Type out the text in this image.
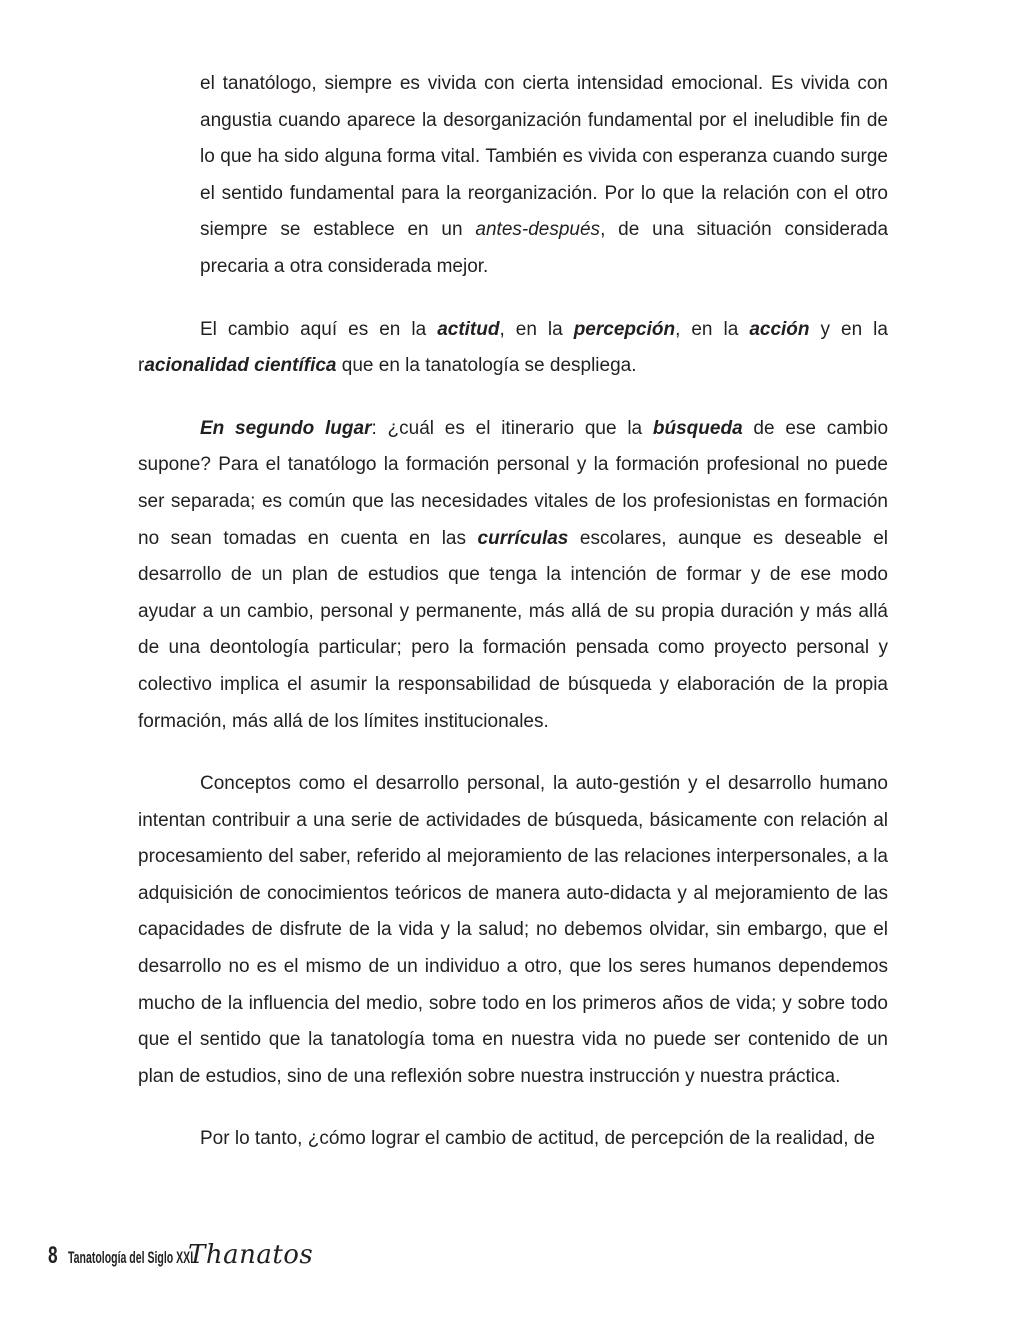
el tanatólogo, siempre es vivida con cierta intensidad emocional. Es vivida con angustia cuando aparece la desorganización fundamental por el ineludible fin de lo que ha sido alguna forma vital. También es vivida con esperanza cuando surge el sentido fundamental para la reorganización. Por lo que la relación con el otro siempre se establece en un antes-después, de una situación considerada precaria a otra considerada mejor.

El cambio aquí es en la actitud, en la percepción, en la acción y en la racionalidad científica que en la tanatología se despliega.

En segundo lugar: ¿cuál es el itinerario que la búsqueda de ese cambio supone? Para el tanatólogo la formación personal y la formación profesional no puede ser separada; es común que las necesidades vitales de los profesionistas en formación no sean tomadas en cuenta en las currículas escolares, aunque es deseable el desarrollo de un plan de estudios que tenga la intención de formar y de ese modo ayudar a un cambio, personal y permanente, más allá de su propia duración y más allá de una deontología particular; pero la formación pensada como proyecto personal y colectivo implica el asumir la responsabilidad de búsqueda y elaboración de la propia formación, más allá de los límites institucionales.

Conceptos como el desarrollo personal, la auto-gestión y el desarrollo humano intentan contribuir a una serie de actividades de búsqueda, básicamente con relación al procesamiento del saber, referido al mejoramiento de las relaciones interpersonales, a la adquisición de conocimientos teóricos de manera auto-didacta y al mejoramiento de las capacidades de disfrute de la vida y la salud; no debemos olvidar, sin embargo, que el desarrollo no es el mismo de un individuo a otro, que los seres humanos dependemos mucho de la influencia del medio, sobre todo en los primeros años de vida; y sobre todo que el sentido que la tanatología toma en nuestra vida no puede ser contenido de un plan de estudios, sino de una reflexión sobre nuestra instrucción y nuestra práctica.

Por lo tanto, ¿cómo lograr el cambio de actitud, de percepción de la realidad, de

8 Tanatología del Siglo XXI
Thanatos
